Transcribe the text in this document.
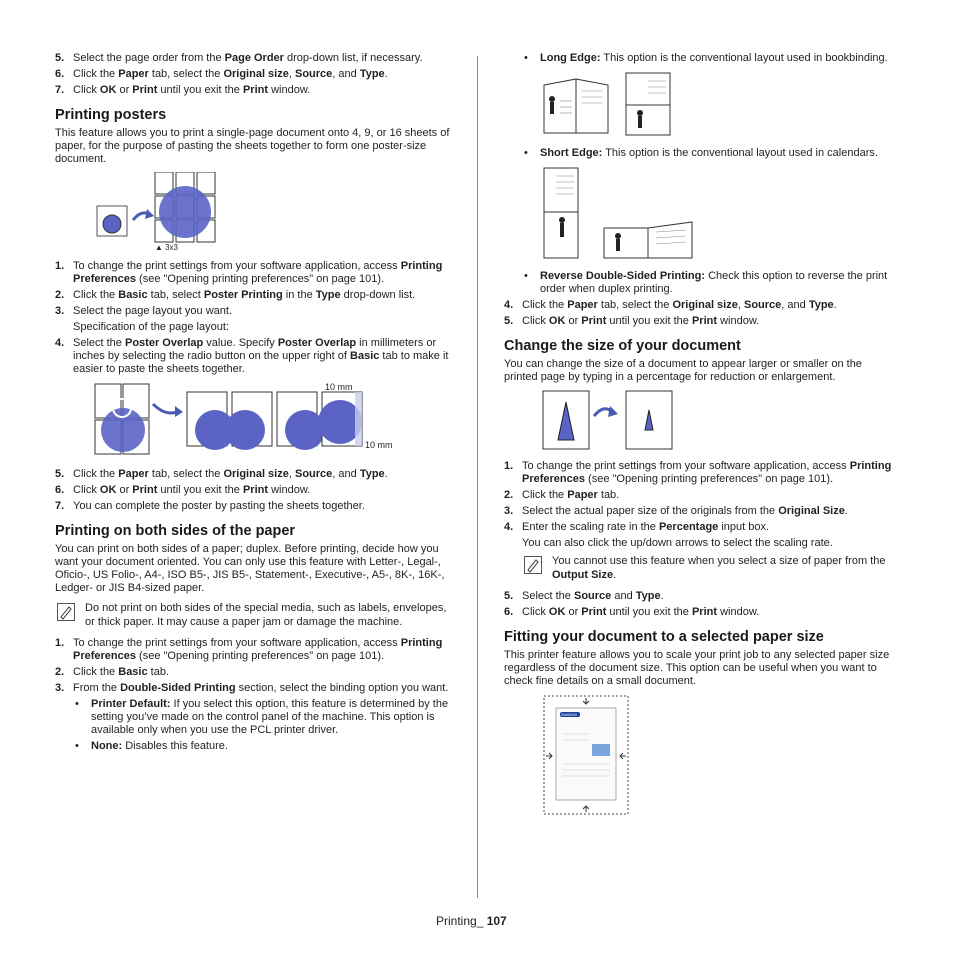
5. Select the page order from the Page Order drop-down list, if necessary.
6. Click the Paper tab, select the Original size, Source, and Type.
7. Click OK or Print until you exit the Print window.
Printing posters

This feature allows you to print a single-page document onto 4, 9, or 16 sheets of paper, for the purpose of pasting the sheets together to form one poster-size document.

▲ 3x3
1. To change the print settings from your software application, access Printing Preferences (see "Opening printing preferences" on page 101).
2. Click the Basic tab, select Poster Printing in the Type drop-down list.
3. Select the page layout you want.
Specification of the page layout:
4. Select the Poster Overlap value. Specify Poster Overlap in millimeters or inches by selecting the radio button on the upper right of Basic tab to make it easier to paste the sheets together.
10 mm
10 mm
5. Click the Paper tab, select the Original size, Source, and Type.
6. Click OK or Print until you exit the Print window.
7. You can complete the poster by pasting the sheets together.
Printing on both sides of the paper

You can print on both sides of a paper; duplex. Before printing, decide how you want your document oriented. You can only use this feature with Letter-, Legal-, Oficio-, US Folio-, A4-, ISO B5-, JIS B5-, Statement-, Executive-, A5-, 8K-, 16K-, Ledger- or JIS B4-sized paper.

Do not print on both sides of the special media, such as labels, envelopes, or thick paper. It may cause a paper jam or damage the machine.
1. To change the print settings from your software application, access Printing Preferences (see "Opening printing preferences" on page 101).
2. Click the Basic tab.
3. From the Double-Sided Printing section, select the binding option you want.
• Printer Default: If you select this option, this feature is determined by the setting you’ve made on the control panel of the machine. This option is available only when you use the PCL printer driver.
• None: Disables this feature.
• Long Edge: This option is the conventional layout used in bookbinding.
• Short Edge: This option is the conventional layout used in calendars.
• Reverse Double-Sided Printing: Check this option to reverse the print order when duplex printing.
4. Click the Paper tab, select the Original size, Source, and Type.
5. Click OK or Print until you exit the Print window.
Change the size of your document

You can change the size of a document to appear larger or smaller on the printed page by typing in a percentage for reduction or enlargement.

1. To change the print settings from your software application, access Printing Preferences (see "Opening printing preferences" on page 101).
2. Click the Paper tab.
3. Select the actual paper size of the originals from the Original Size.
4. Enter the scaling rate in the Percentage input box.
You can also click the up/down arrows to select the scaling rate.
You cannot use this feature when you select a size of paper from the Output Size.
5. Select the Source and Type.
6. Click OK or Print until you exit the Print window.
Fitting your document to a selected paper size

This printer feature allows you to scale your print job to any selected paper size regardless of the document size. This option can be useful when you want to check fine details on a small document.

SAMSUNG
Printing_ 107
